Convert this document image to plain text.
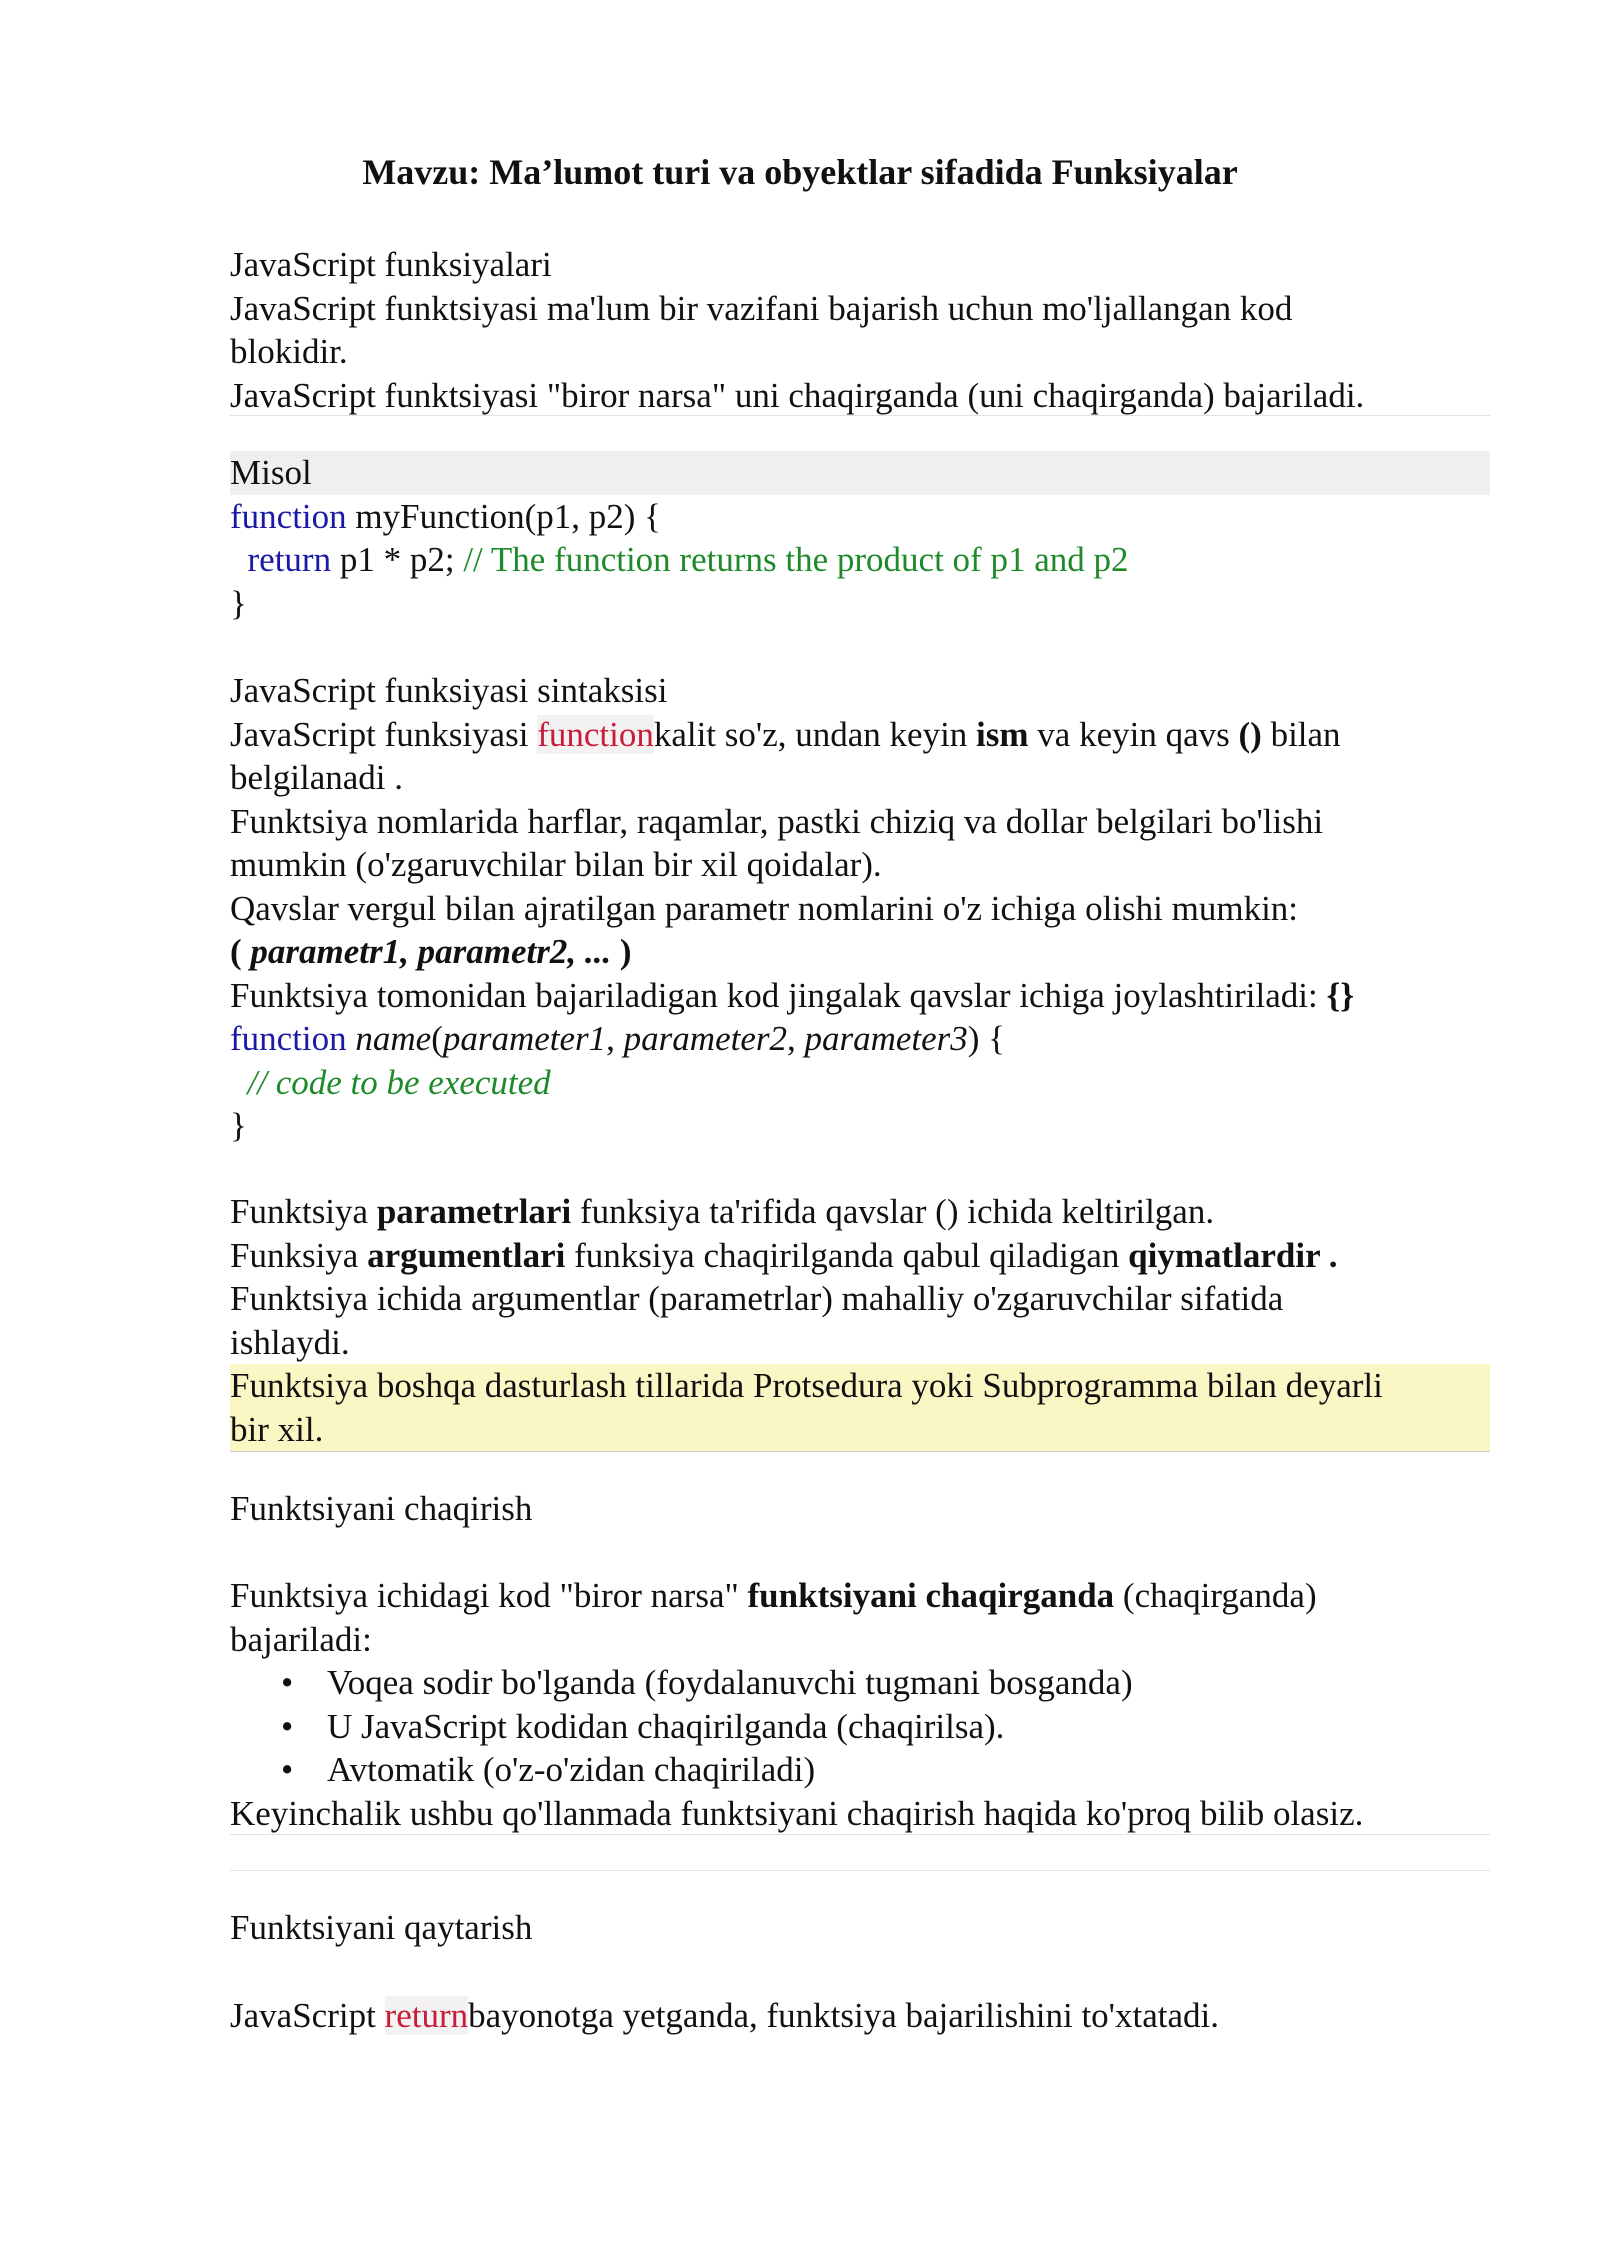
Mavzu: Ma’lumot turi va obyektlar sifadida Funksiyalar
JavaScript funksiyalari
JavaScript funktsiyasi ma'lum bir vazifani bajarish uchun mo'ljallangan kod
blokidir.
JavaScript funktsiyasi "biror narsa" uni chaqirganda (uni chaqirganda) bajariladi.
Misol
function myFunction(p1, p2) {
return p1 * p2; // The function returns the product of p1 and p2
}
JavaScript funksiyasi sintaksisi
JavaScript funksiyasi functionkalit so'z, undan keyin ism va keyin qavs () bilan
belgilanadi .
Funktsiya nomlarida harflar, raqamlar, pastki chiziq va dollar belgilari bo'lishi
mumkin (o'zgaruvchilar bilan bir xil qoidalar).
Qavslar vergul bilan ajratilgan parametr nomlarini o'z ichiga olishi mumkin:
( parametr1, parametr2, ... )
Funktsiya tomonidan bajariladigan kod jingalak qavslar ichiga joylashtiriladi: {}
function name(parameter1, parameter2, parameter3) {
// code to be executed
}
Funktsiya parametrlari funksiya ta'rifida qavslar () ichida keltirilgan.
Funksiya argumentlari funksiya chaqirilganda qabul qiladigan qiymatlardir .
Funktsiya ichida argumentlar (parametrlar) mahalliy o'zgaruvchilar sifatida
ishlaydi.
Funktsiya boshqa dasturlash tillarida Protsedura yoki Subprogramma bilan deyarli
bir xil.
Funktsiyani chaqirish
Funktsiya ichidagi kod "biror narsa" funktsiyani chaqirganda (chaqirganda)
bajariladi:
• Voqea sodir bo'lganda (foydalanuvchi tugmani bosganda)
• U JavaScript kodidan chaqirilganda (chaqirilsa).
• Avtomatik (o'z-o'zidan chaqiriladi)
Keyinchalik ushbu qo'llanmada funktsiyani chaqirish haqida ko'proq bilib olasiz.
Funktsiyani qaytarish
JavaScript returnbayonotga yetganda, funktsiya bajarilishini to'xtatadi.
